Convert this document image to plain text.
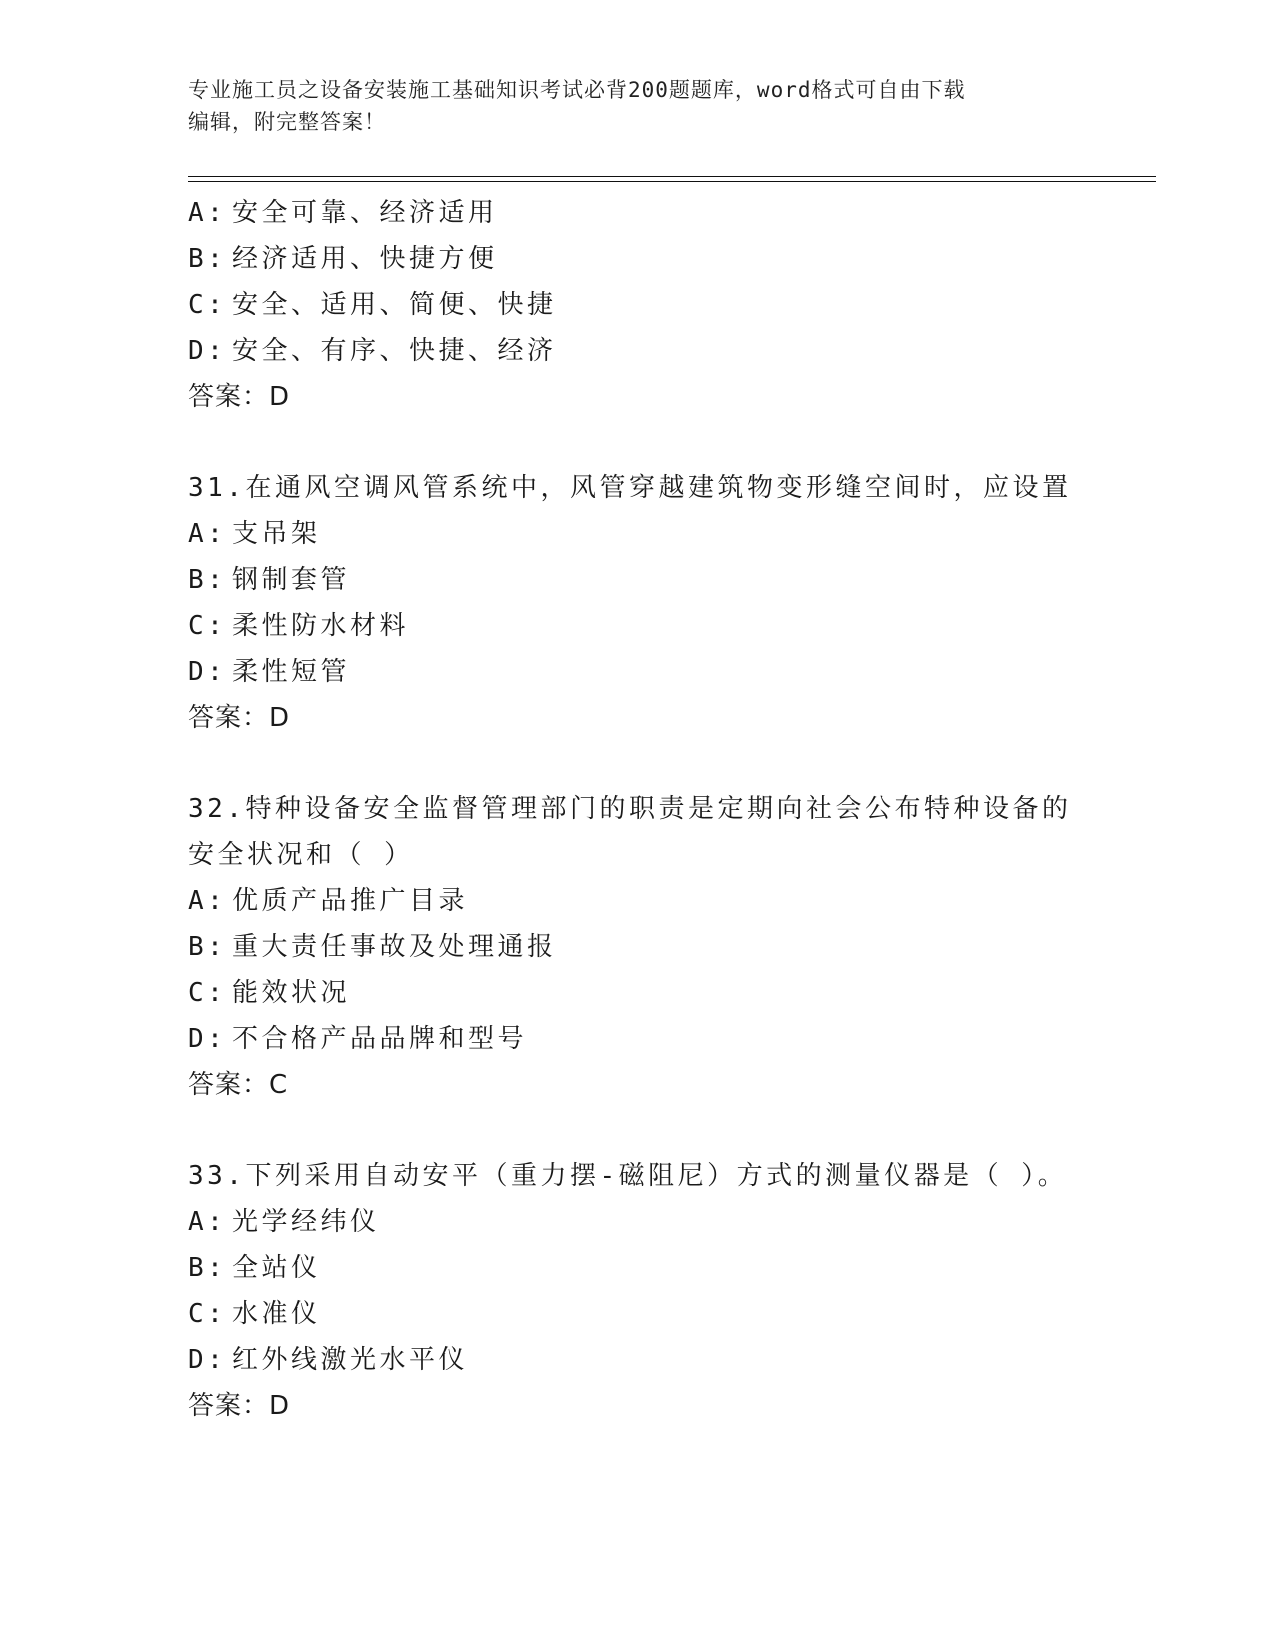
专业施工员之设备安装施工基础知识考试必背200题题库，word格式可自由下载
编辑，附完整答案！
A: 安全可靠、经济适用
B: 经济适用、快捷方便
C: 安全、适用、简便、快捷
D: 安全、有序、快捷、经济
答案：D
31.在通风空调风管系统中，风管穿越建筑物变形缝空间时，应设置
A: 支吊架
B: 钢制套管
C: 柔性防水材料
D: 柔性短管
答案：D
32.特种设备安全监督管理部门的职责是定期向社会公布特种设备的安全状况和（ ）
A: 优质产品推广目录
B: 重大责任事故及处理通报
C: 能效状况
D: 不合格产品品牌和型号
答案：C
33.下列采用自动安平（重力摆-磁阻尼）方式的测量仪器是（ ）。
A: 光学经纬仪
B: 全站仪
C: 水准仪
D: 红外线激光水平仪
答案：D
